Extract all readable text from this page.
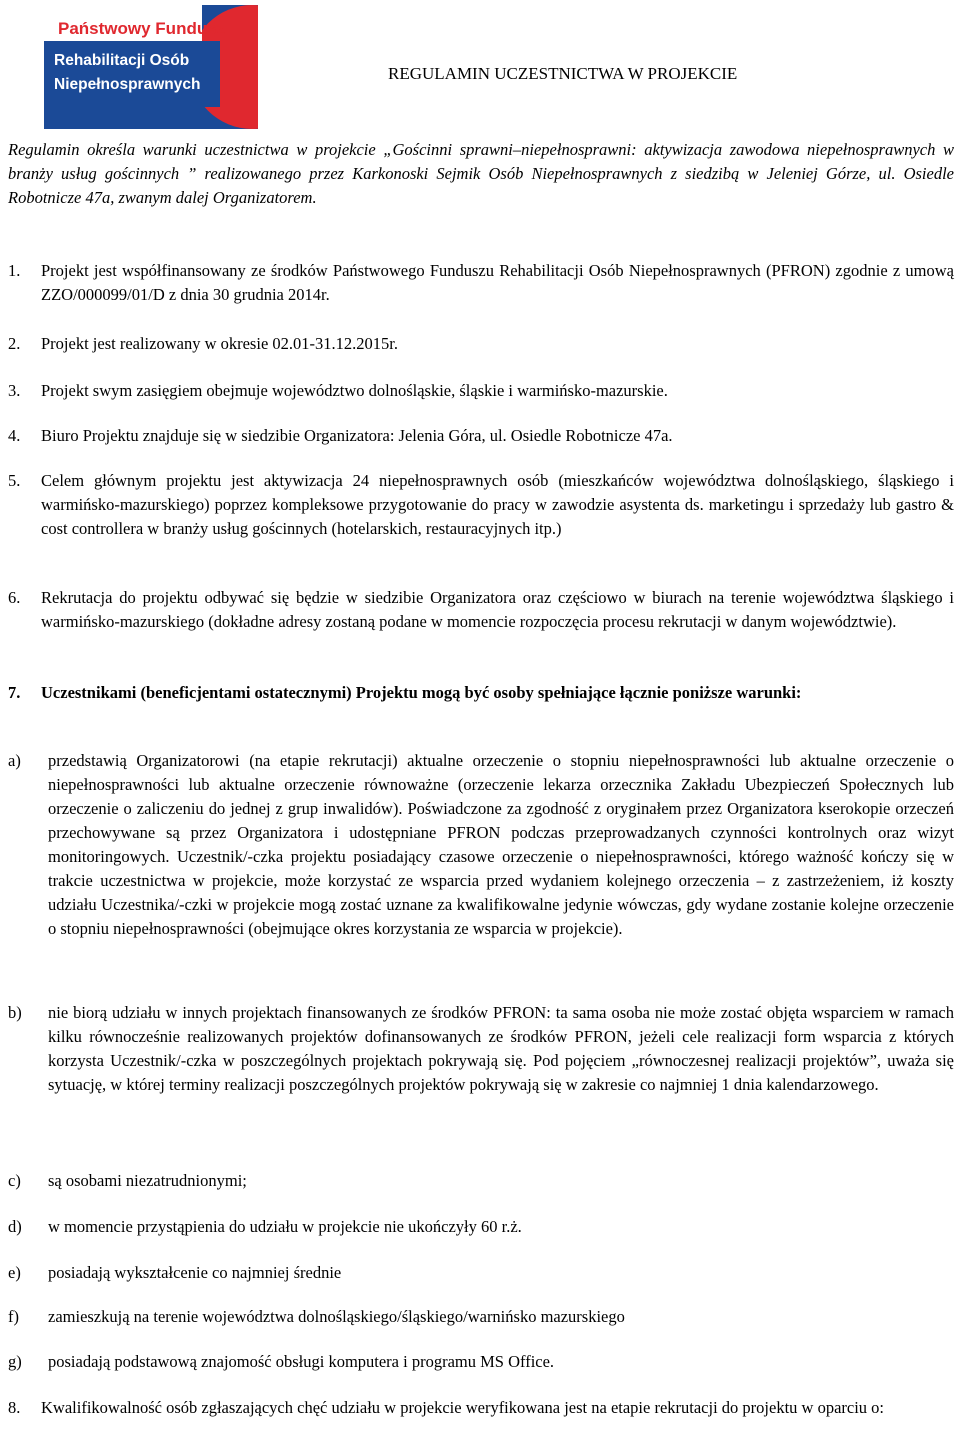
Państwowy Fundusz
Rehabilitacji Osób
Niepełnosprawnych
REGULAMIN UCZESTNICTWA W PROJEKCIE
Regulamin określa warunki uczestnictwa w projekcie „Gościnni sprawni–niepełnosprawni: aktywizacja zawodowa niepełnosprawnych w branży usług gościnnych ” realizowanego przez Karkonoski Sejmik Osób Niepełnosprawnych z siedzibą w Jeleniej Górze, ul. Osiedle Robotnicze 47a, zwanym dalej Organizatorem.
1. Projekt jest współfinansowany ze środków Państwowego Funduszu Rehabilitacji Osób Niepełnosprawnych (PFRON) zgodnie z umową ZZO/000099/01/D z dnia 30 grudnia 2014r.
2. Projekt jest realizowany w okresie 02.01-31.12.2015r.
3. Projekt swym zasięgiem obejmuje województwo dolnośląskie, śląskie i warmińsko-mazurskie.
4. Biuro Projektu znajduje się w siedzibie Organizatora: Jelenia Góra, ul. Osiedle Robotnicze 47a.
5. Celem głównym projektu jest aktywizacja 24 niepełnosprawnych osób (mieszkańców województwa dolnośląskiego, śląskiego i warmińsko-mazurskiego) poprzez kompleksowe przygotowanie do pracy w zawodzie asystenta ds. marketingu i sprzedaży lub gastro & cost controllera w branży usług gościnnych (hotelarskich, restauracyjnych itp.)
6. Rekrutacja do projektu odbywać się będzie w siedzibie Organizatora oraz częściowo w biurach na terenie województwa śląskiego i warmińsko-mazurskiego (dokładne adresy zostaną podane w momencie rozpoczęcia procesu rekrutacji w danym województwie).
7. Uczestnikami (beneficjentami ostatecznymi) Projektu mogą być osoby spełniające łącznie poniższe warunki:
a) przedstawią Organizatorowi (na etapie rekrutacji) aktualne orzeczenie o stopniu niepełnosprawności lub aktualne orzeczenie o niepełnosprawności lub aktualne orzeczenie równoważne (orzeczenie lekarza orzecznika Zakładu Ubezpieczeń Społecznych lub orzeczenie o zaliczeniu do jednej z grup inwalidów). Poświadczone za zgodność z oryginałem przez Organizatora kserokopie orzeczeń przechowywane są przez Organizatora i udostępniane PFRON podczas przeprowadzanych czynności kontrolnych oraz wizyt monitoringowych. Uczestnik/-czka projektu posiadający czasowe orzeczenie o niepełnosprawności, którego ważność kończy się w trakcie uczestnictwa w projekcie, może korzystać ze wsparcia przed wydaniem kolejnego orzeczenia – z zastrzeżeniem, iż koszty udziału Uczestnika/-czki w projekcie mogą zostać uznane za kwalifikowalne jedynie wówczas, gdy wydane zostanie kolejne orzeczenie o stopniu niepełnosprawności (obejmujące okres korzystania ze wsparcia w projekcie).
b) nie biorą udziału w innych projektach finansowanych ze środków PFRON: ta sama osoba nie może zostać objęta wsparciem w ramach kilku równocześnie realizowanych projektów dofinansowanych ze środków PFRON, jeżeli cele realizacji form wsparcia z których korzysta Uczestnik/-czka w poszczególnych projektach pokrywają się. Pod pojęciem „równoczesnej realizacji projektów”, uważa się sytuację, w której terminy realizacji poszczególnych projektów pokrywają się w zakresie co najmniej 1 dnia kalendarzowego.
c) są osobami niezatrudnionymi;
d) w momencie przystąpienia do udziału w projekcie nie ukończyły 60 r.ż.
e) posiadają wykształcenie co najmniej średnie
f) zamieszkują na terenie województwa dolnośląskiego/śląskiego/warnińsko mazurskiego
g) posiadają podstawową znajomość obsługi komputera i programu MS Office.
8. Kwalifikowalność osób zgłaszających chęć udziału w projekcie weryfikowana jest na etapie rekrutacji do projektu w oparciu o:
